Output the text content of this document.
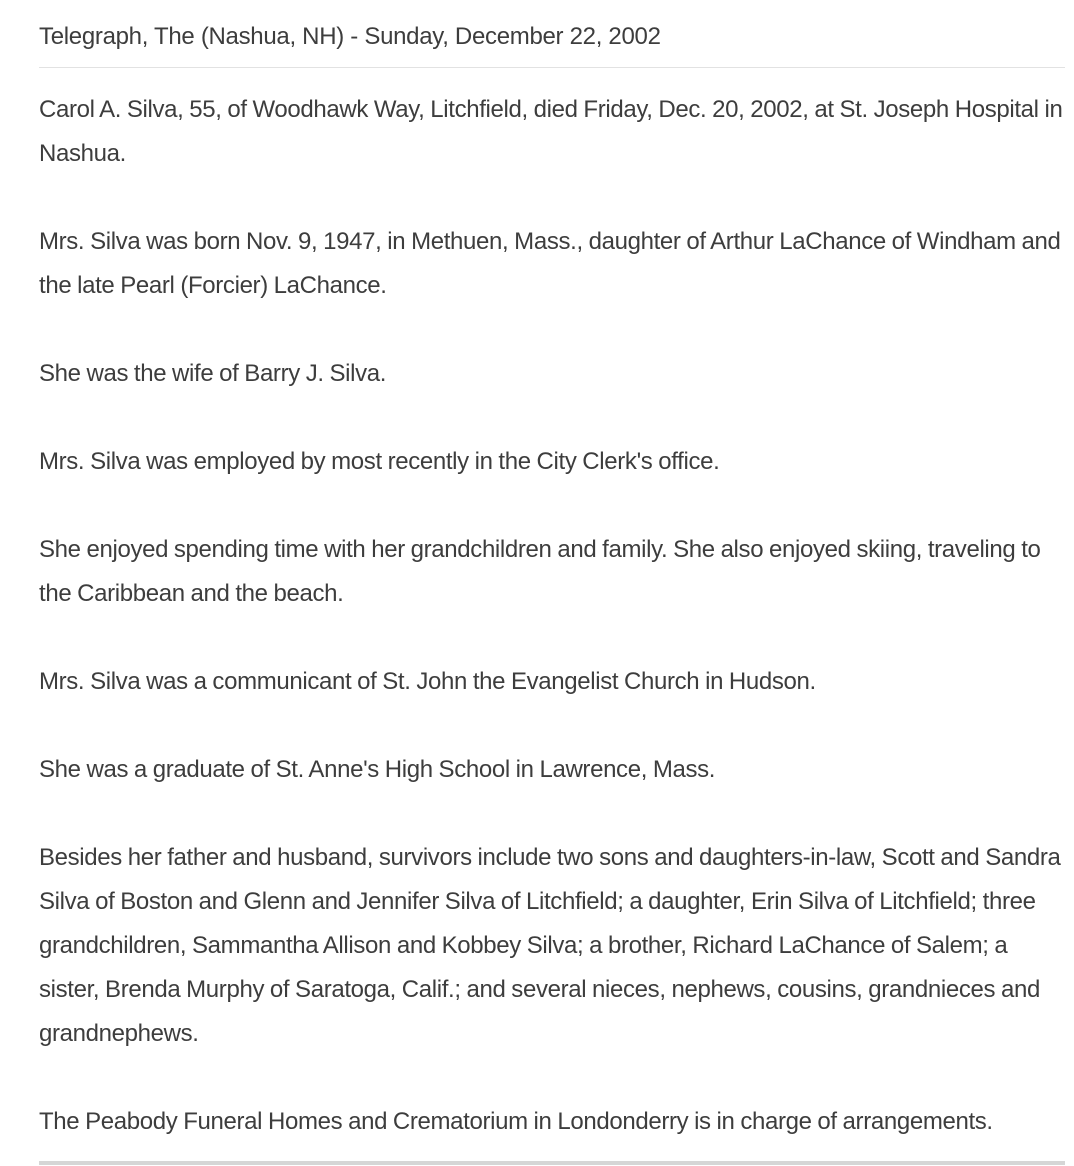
Telegraph, The (Nashua, NH) - Sunday, December 22, 2002

Carol A. Silva, 55, of Woodhawk Way, Litchfield, died Friday, Dec. 20, 2002, at St. Joseph Hospital in Nashua.

Mrs. Silva was born Nov. 9, 1947, in Methuen, Mass., daughter of Arthur LaChance of Windham and the late Pearl (Forcier) LaChance.

She was the wife of Barry J. Silva.

Mrs. Silva was employed by most recently in the City Clerk's office.

She enjoyed spending time with her grandchildren and family. She also enjoyed skiing, traveling to the Caribbean and the beach.

Mrs. Silva was a communicant of St. John the Evangelist Church in Hudson.

She was a graduate of St. Anne's High School in Lawrence, Mass.

Besides her father and husband, survivors include two sons and daughters-in-law, Scott and Sandra Silva of Boston and Glenn and Jennifer Silva of Litchfield; a daughter, Erin Silva of Litchfield; three grandchildren, Sammantha Allison and Kobbey Silva; a brother, Richard LaChance of Salem; a sister, Brenda Murphy of Saratoga, Calif.; and several nieces, nephews, cousins, grandnieces and grandnephews.

The Peabody Funeral Homes and Crematorium in Londonderry is in charge of arrangements.
